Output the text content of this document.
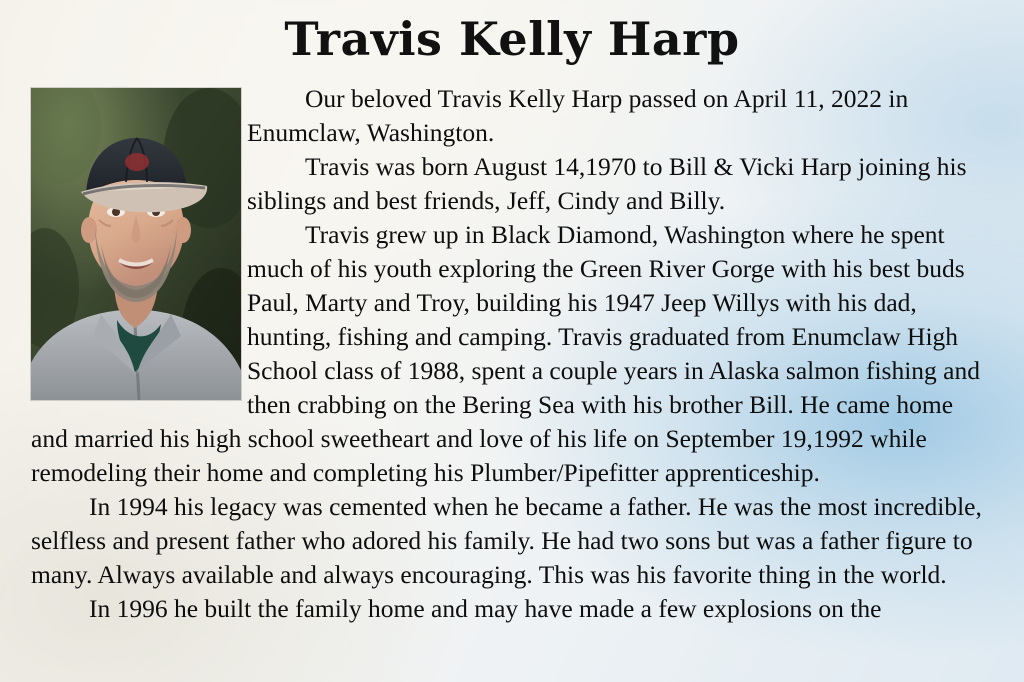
Travis Kelly Harp

Our beloved Travis Kelly Harp passed on April 11, 2022 in Enumclaw, Washington.

Travis was born August 14,1970 to Bill & Vicki Harp joining his siblings and best friends, Jeff, Cindy and Billy.

Travis grew up in Black Diamond, Washington where he spent much of his youth exploring the Green River Gorge with his best buds Paul, Marty and Troy, building his 1947 Jeep Willys with his dad, hunting, fishing and camping. Travis graduated from Enumclaw High School class of 1988, spent a couple years in Alaska salmon fishing and then crabbing on the Bering Sea with his brother Bill. He came home and married his high school sweetheart and love of his life on September 19,1992 while remodeling their home and completing his Plumber/Pipefitter apprenticeship.

In 1994 his legacy was cemented when he became a father. He was the most incredible, selfless and present father who adored his family. He had two sons but was a father figure to many. Always available and always encouraging. This was his favorite thing in the world.

In 1996 he built the family home and may have made a few explosions on the
